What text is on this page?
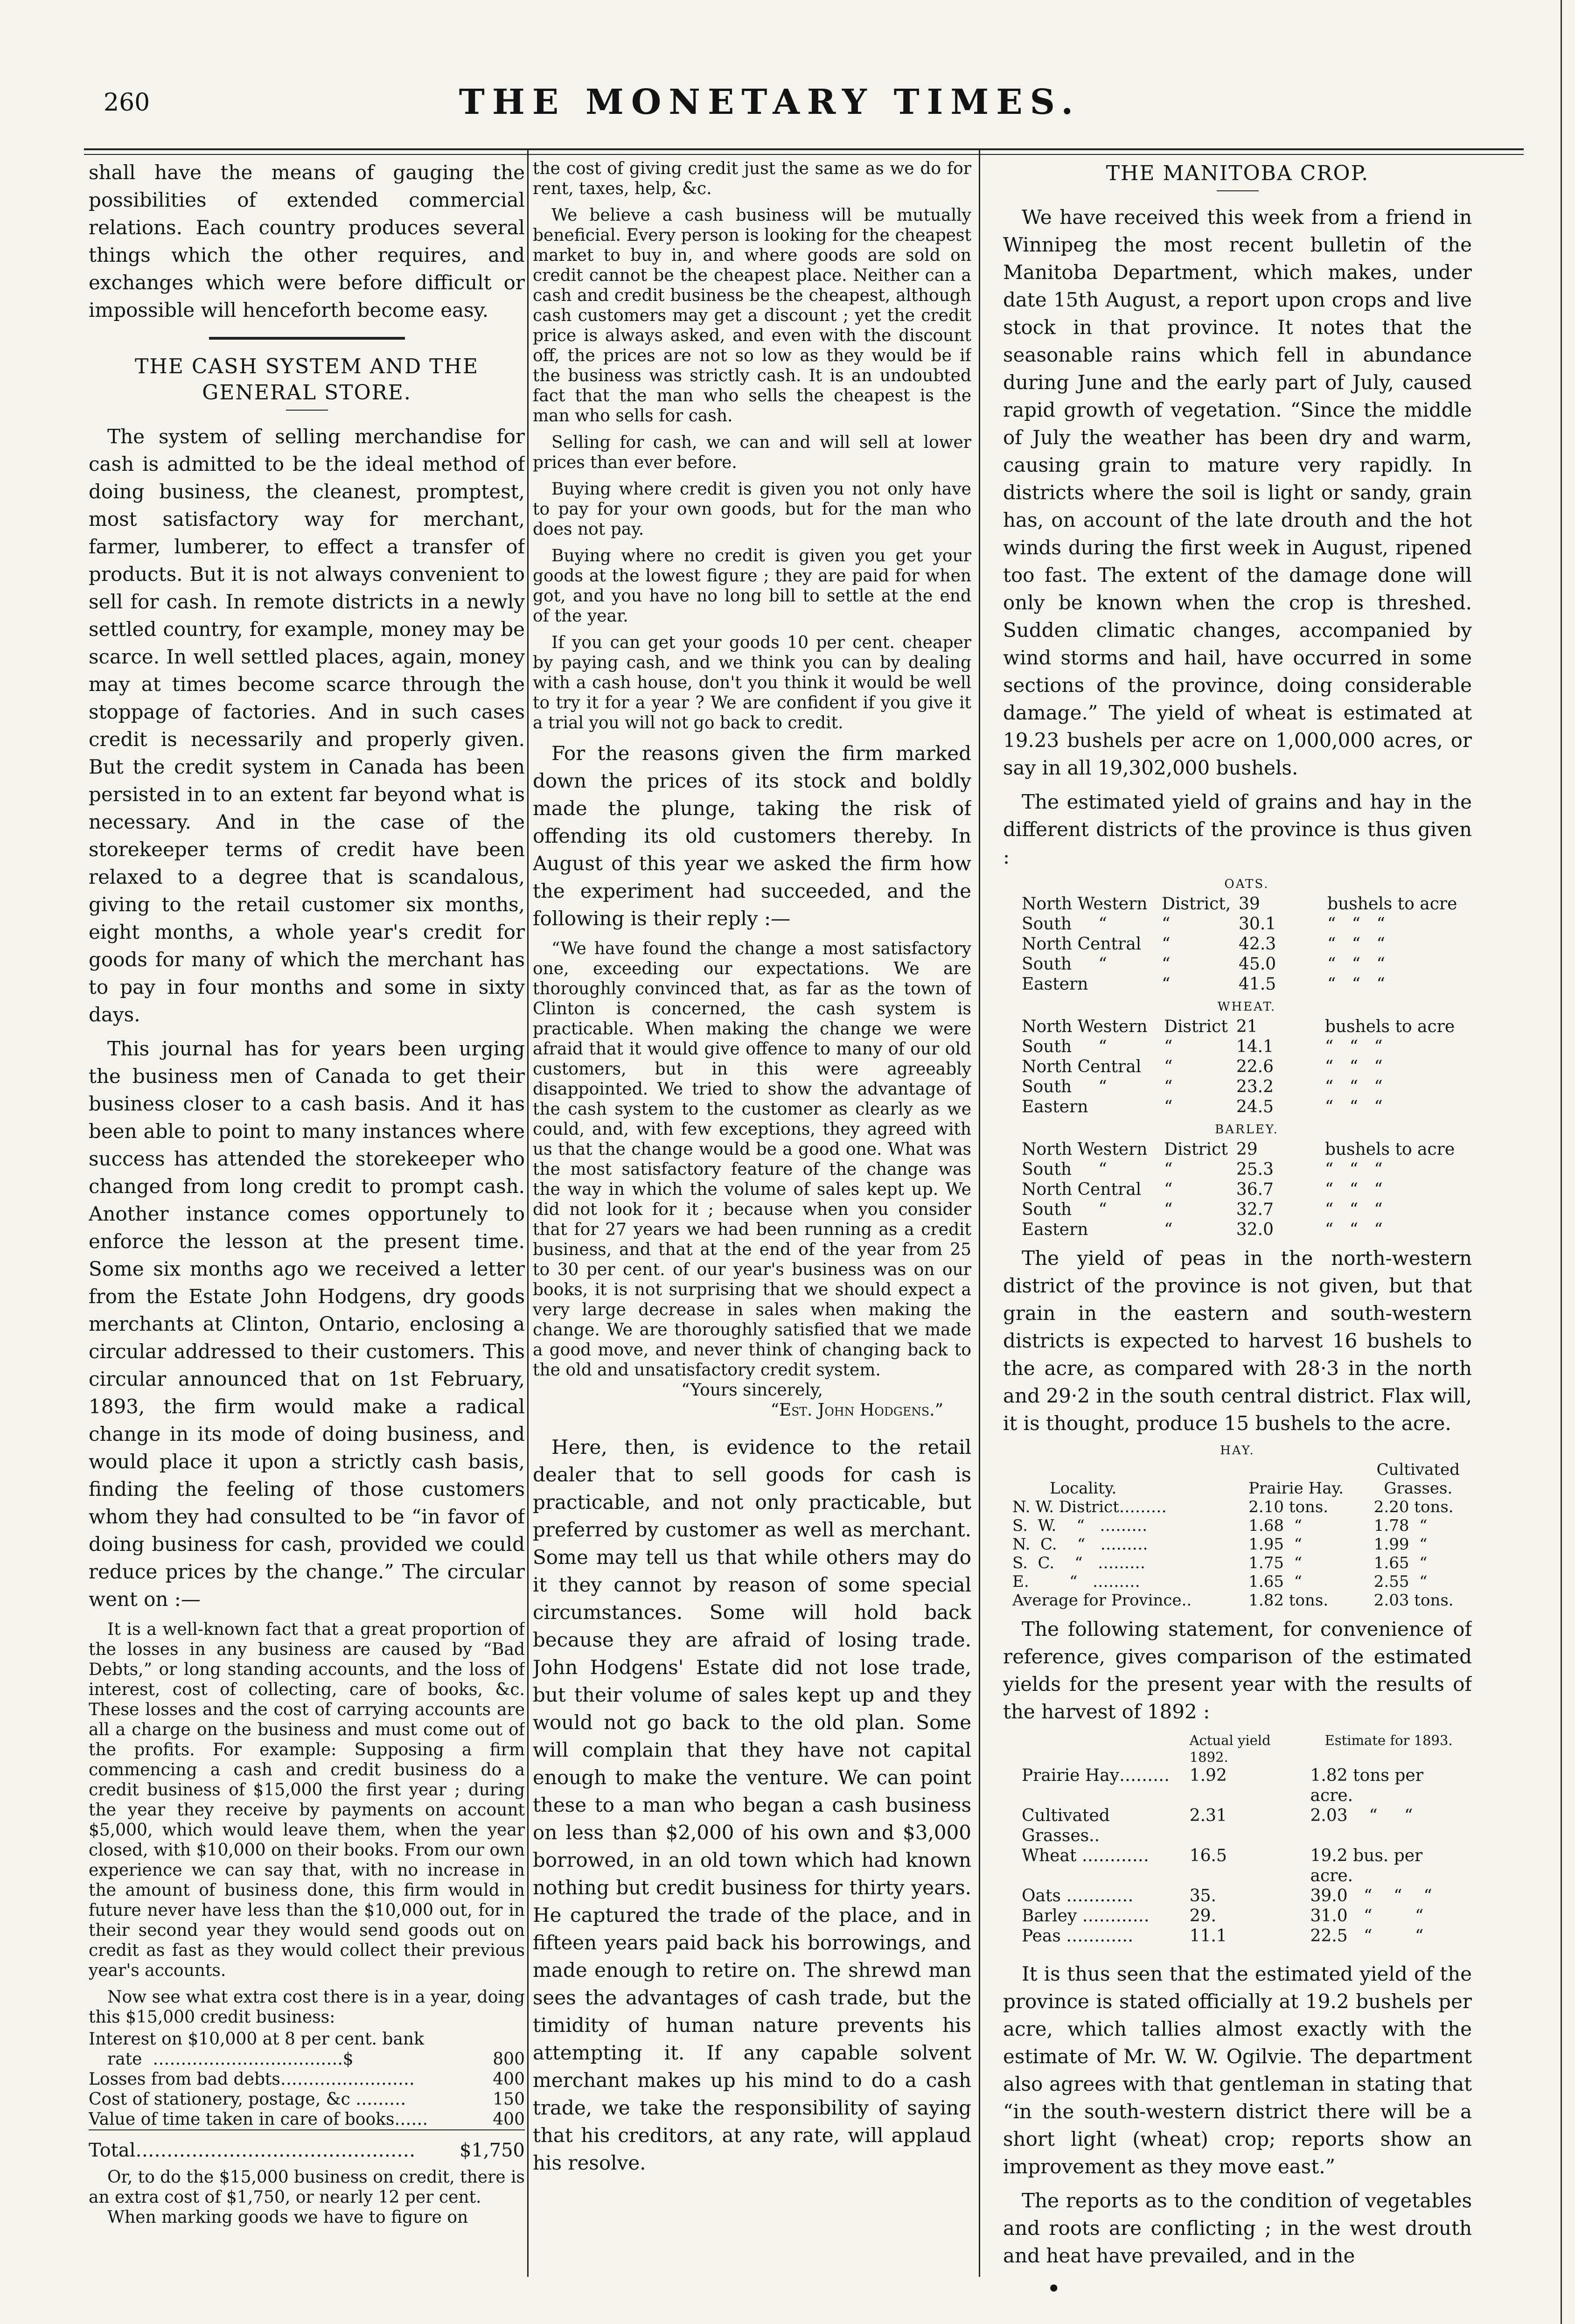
260	THE MONETARY TIMES.

shall have the means of gauging the possibilities of extended commercial relations. Each country produces several things which the other requires, and exchanges which were before difficult or impossible will henceforth become easy.

THE CASH SYSTEM AND THE GENERAL STORE.

The system of selling merchandise for cash is admitted to be the ideal method of doing business, the cleanest, promptest, most satisfactory way for merchant, farmer, lumberer, to effect a transfer of products. But it is not always convenient to sell for cash. In remote districts in a newly settled country, for example, money may be scarce. In well settled places, again, money may at times become scarce through the stoppage of factories. And in such cases credit is necessarily and properly given. But the credit system in Canada has been persisted in to an extent far beyond what is necessary. And in the case of the storekeeper terms of credit have been relaxed to a degree that is scandalous, giving to the retail customer six months, eight months, a whole year's credit for goods for many of which the merchant has to pay in four months and some in sixty days.

This journal has for years been urging the business men of Canada to get their business closer to a cash basis. And it has been able to point to many instances where success has attended the storekeeper who changed from long credit to prompt cash. Another instance comes opportunely to enforce the lesson at the present time. Some six months ago we received a letter from the Estate John Hodgens, dry goods merchants at Clinton, Ontario, enclosing a circular addressed to their customers. This circular announced that on 1st February, 1893, the firm would make a radical change in its mode of doing business, and would place it upon a strictly cash basis, finding the feeling of those customers whom they had consulted to be “in favor of doing business for cash, provided we could reduce prices by the change.” The circular went on :—

It is a well-known fact that a great proportion of the losses in any business are caused by “Bad Debts,” or long standing accounts, and the loss of interest, cost of collecting, care of books, &c. These losses and the cost of carrying accounts are all a charge on the business and must come out of the profits. For example: Supposing a firm commencing a cash and credit business do a credit business of $15,000 the first year ; during the year they receive by payments on account $5,000, which would leave them, when the year closed, with $10,000 on their books. From our own experience we can say that, with no increase in the amount of business done, this firm would in future never have less than the $10,000 out, for in their second year they would send goods out on credit as fast as they would collect their previous year's accounts.

Now see what extra cost there is in a year, doing this $15,000 credit business:

Interest on $10,000 at 8 per cent. bank	
rate  …………………………….$	800
Losses from bad debts……………………	400
Cost of stationery, postage, &c ………	150
Value of time taken in care of books……	400
Total………………………………………	$1,750

Or, to do the $15,000 business on credit, there is an extra cost of $1,750, or nearly 12 per cent.

When marking goods we have to figure on

the cost of giving credit just the same as we do for rent, taxes, help, &c.

We believe a cash business will be mutually beneficial. Every person is looking for the cheapest market to buy in, and where goods are sold on credit cannot be the cheapest place. Neither can a cash and credit business be the cheapest, although cash customers may get a discount ; yet the credit price is always asked, and even with the discount off, the prices are not so low as they would be if the business was strictly cash. It is an undoubted fact that the man who sells the cheapest is the man who sells for cash.

Selling for cash, we can and will sell at lower prices than ever before.

Buying where credit is given you not only have to pay for your own goods, but for the man who does not pay.

Buying where no credit is given you get your goods at the lowest figure ; they are paid for when got, and you have no long bill to settle at the end of the year.

If you can get your goods 10 per cent. cheaper by paying cash, and we think you can by dealing with a cash house, don't you think it would be well to try it for a year ? We are confident if you give it a trial you will not go back to credit.

For the reasons given the firm marked down the prices of its stock and boldly made the plunge, taking the risk of offending its old customers thereby. In August of this year we asked the firm how the experiment had succeeded, and the following is their reply :—

“We have found the change a most satisfactory one, exceeding our expectations. We are thoroughly convinced that, as far as the town of Clinton is concerned, the cash system is practicable. When making the change we were afraid that it would give offence to many of our old customers, but in this were agreeably disappointed. We tried to show the advantage of the cash system to the customer as clearly as we could, and, with few exceptions, they agreed with us that the change would be a good one. What was the most satisfactory feature of the change was the way in which the volume of sales kept up. We did not look for it ; because when you consider that for 27 years we had been running as a credit business, and that at the end of the year from 25 to 30 per cent. of our year's business was on our books, it is not surprising that we should expect a very large decrease in sales when making the change. We are thoroughly satisfied that we made a good move, and never think of changing back to the old and unsatisfactory credit system.

“Yours sincerely,
“Est. John Hodgens.”

Here, then, is evidence to the retail dealer that to sell goods for cash is practicable, and not only practicable, but preferred by customer as well as merchant. Some may tell us that while others may do it they cannot by reason of some special circumstances. Some will hold back because they are afraid of losing trade. John Hodgens' Estate did not lose trade, but their volume of sales kept up and they would not go back to the old plan. Some will complain that they have not capital enough to make the venture. We can point these to a man who began a cash business on less than $2,000 of his own and $3,000 borrowed, in an old town which had known nothing but credit business for thirty years. He captured the trade of the place, and in fifteen years paid back his borrowings, and made enough to retire on. The shrewd man sees the advantages of cash trade, but the timidity of human nature prevents his attempting it. If any capable solvent merchant makes up his mind to do a cash trade, we take the responsibility of saying that his creditors, at any rate, will applaud his resolve.

THE MANITOBA CROP.

We have received this week from a friend in Winnipeg the most recent bulletin of the Manitoba Department, which makes, under date 15th August, a report upon crops and live stock in that province. It notes that the seasonable rains which fell in abundance during June and the early part of July, caused rapid growth of vegetation. “Since the middle of July the weather has been dry and warm, causing grain to mature very rapidly. In districts where the soil is light or sandy, grain has, on account of the late drouth and the hot winds during the first week in August, ripened too fast. The extent of the damage done will only be known when the crop is threshed. Sudden climatic changes, accompanied by wind storms and hail, have occurred in some sections of the province, doing considerable damage.” The yield of wheat is estimated at 19.23 bushels per acre on 1,000,000 acres, or say in all 19,302,000 bushels.

The estimated yield of grains and hay in the different districts of the province is thus given :

OATS.
North Western	District,	39	bushels to acre
South     “	“	30.1	“   “   “
North Central	“	42.3	“   “   “
South     “	“	45.0	“   “   “
Eastern	“	41.5	“   “   “
WHEAT.
North Western	District	21	bushels to acre
South     “	“	14.1	“   “   “
North Central	“	22.6	“   “   “
South     “	“	23.2	“   “   “
Eastern	“	24.5	“   “   “
BARLEY.
North Western	District	29	bushels to acre
South     “	“	25.3	“   “   “
North Central	“	36.7	“   “   “
South     “	“	32.7	“   “   “
Eastern	“	32.0	“   “   “

The yield of peas in the north-western district of the province is not given, but that grain in the eastern and south-western districts is expected to harvest 16 bushels to the acre, as compared with 28·3 in the north and 29·2 in the south central district. Flax will, it is thought, produce 15 bushels to the acre.

HAY.
Locality.	Prairie Hay.	Cultivated Grasses.
N. W. District………	2.10 tons.	2.20 tons.
S.  W.    “   ………	1.68  “	1.78  “
N.  C.    “   ………	1.95  “	1.99  “
S.  C.    “   ………	1.75  “	1.65  “
E.        “   ………	1.65  “	2.55  “
Average for Province..	1.82 tons.	2.03 tons.

The following statement, for convenience of reference, gives comparison of the estimated yields for the present year with the results of the harvest of 1892 :

	Actual yield 1892.	Estimate for 1893.
Prairie Hay………	1.92	1.82 tons per acre.
Cultivated Grasses..	2.31	2.03    “     “
Wheat …………	16.5	19.2 bus. per acre.
Oats …………	35.	39.0   “    “    “
Barley …………	29.	31.0   “        “
Peas …………	11.1	22.5   “        “

It is thus seen that the estimated yield of the province is stated officially at 19.2 bushels per acre, which tallies almost exactly with the estimate of Mr. W. W. Ogilvie. The department also agrees with that gentleman in stating that “in the south-western district there will be a short light (wheat) crop; reports show an improvement as they move east.”

The reports as to the condition of vegetables and roots are conflicting ; in the west drouth and heat have prevailed, and in the

●
